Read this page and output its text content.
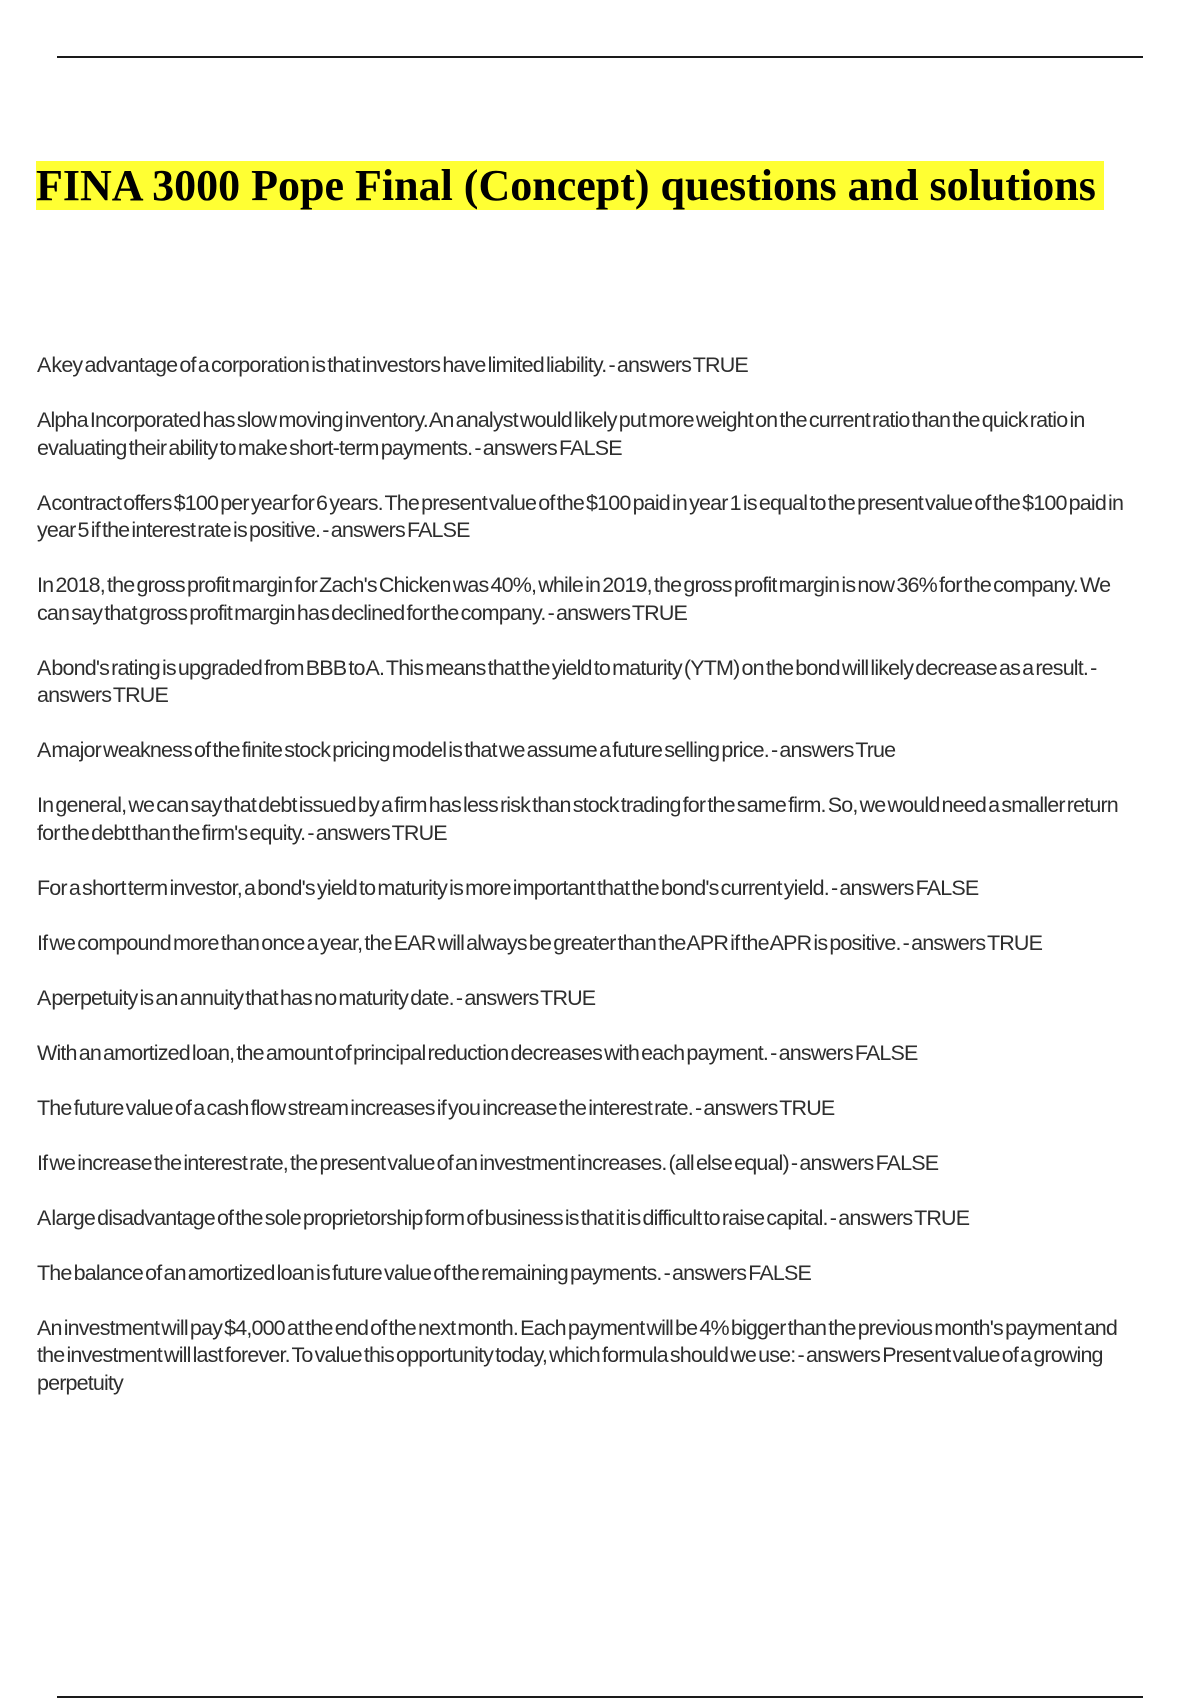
FINA 3000 Pope Final (Concept) questions and solutions
A key advantage of a corporation is that investors have limited liability. - answers TRUE
Alpha Incorporated has slow moving inventory. An analyst would likely put more weight on the current ratio than the quick ratio in evaluating their ability to make short-term payments. - answers FALSE
A contract offers $100 per year for 6 years. The present value of the $100 paid in year 1 is equal to the present value of the $100 paid in year 5 if the interest rate is positive. - answers FALSE
In 2018, the gross profit margin for Zach's Chicken was 40%, while in 2019, the gross profit margin is now 36% for the company. We can say that gross profit margin has declined for the company. - answers TRUE
A bond's rating is upgraded from BBB to A. This means that the yield to maturity (YTM) on the bond will likely decrease as a result. - answers TRUE
A major weakness of the finite stock pricing model is that we assume a future selling price. - answers True
In general, we can say that debt issued by a firm has less risk than stock trading for the same firm. So, we would need a smaller return for the debt than the firm's equity. - answers TRUE
For a short term investor, a bond's yield to maturity is more important that the bond's current yield. - answers FALSE
If we compound more than once a year, the EAR will always be greater than the APR if the APR is positive. - answers TRUE
A perpetuity is an annuity that has no maturity date. - answers TRUE
With an amortized loan, the amount of principal reduction decreases with each payment. - answers FALSE
The future value of a cash flow stream increases if you increase the interest rate. - answers TRUE
If we increase the interest rate, the present value of an investment increases. (all else equal) - answers FALSE
A large disadvantage of the sole proprietorship form of business is that it is difficult to raise capital. - answers TRUE
The balance of an amortized loan is future value of the remaining payments. - answers FALSE
An investment will pay $4,000 at the end of the next month. Each payment will be 4% bigger than the previous month's payment and the investment will last forever. To value this opportunity today, which formula should we use: - answers Present value of a growing perpetuity
